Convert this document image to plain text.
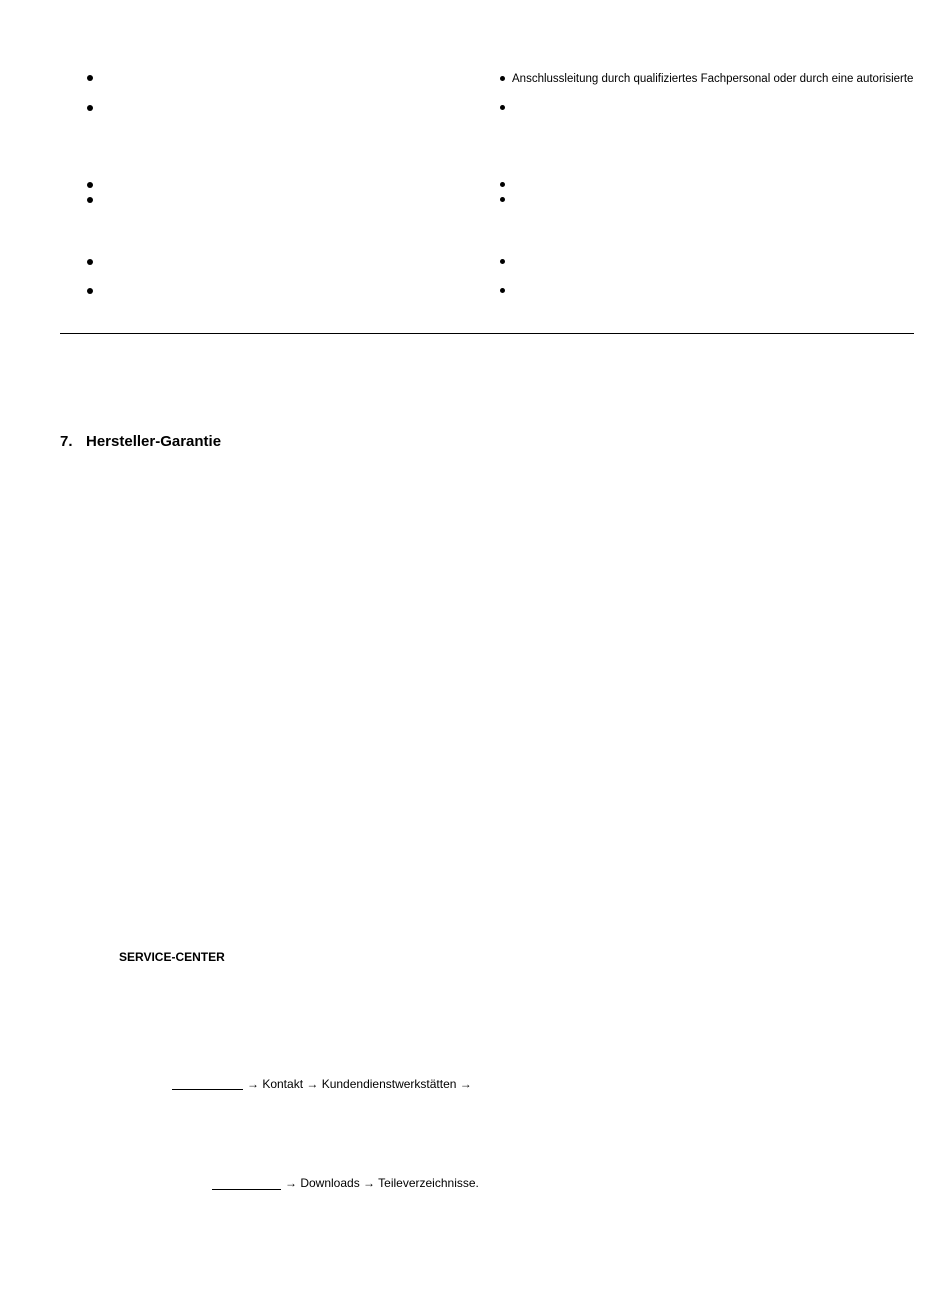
Anschlussleitung durch qualifiziertes Fachpersonal oder durch eine autorisierte
7. Hersteller-Garantie
SERVICE-CENTER
→ Kontakt → Kundendienstwerkstätten →
→ Downloads → Teileverzeichnisse.
